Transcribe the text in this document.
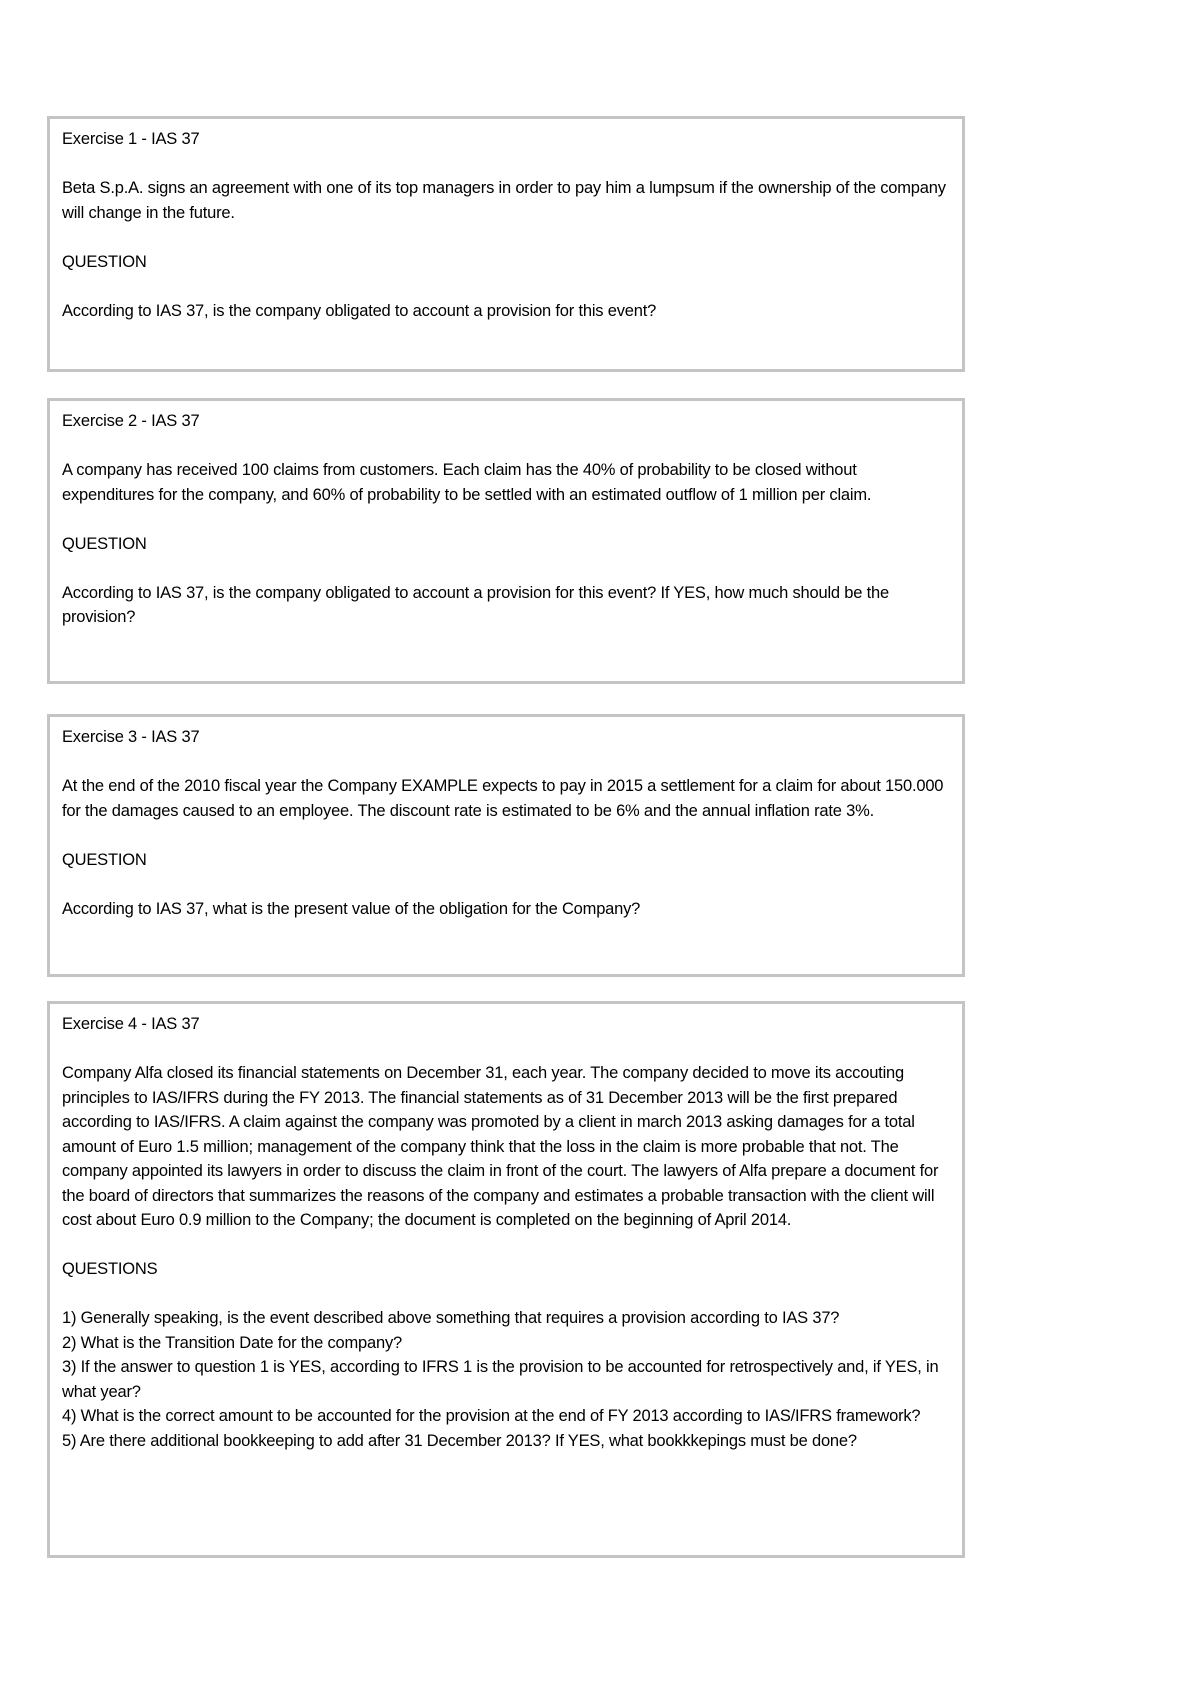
Exercise 1 - IAS 37

Beta S.p.A. signs an agreement with one of its top managers in order to pay him a lumpsum if the ownership of the company will change in the future.

QUESTION

According to IAS 37, is the company obligated to account a provision for this event?

Exercise 2 - IAS 37

A company has received 100 claims from customers. Each claim has the 40% of probability to be closed without expenditures for the company, and 60% of probability to be settled with an estimated outflow of 1 million per claim.

QUESTION

According to IAS 37, is the company obligated to account a provision for this event? If YES, how much should be the provision?

Exercise 3 - IAS 37

At the end of the 2010 fiscal year the Company EXAMPLE expects to pay in 2015 a settlement for a claim for about 150.000 for the damages caused to an employee. The discount rate is estimated to be 6% and the annual inflation rate 3%.

QUESTION

According to IAS 37, what is the present value of the obligation for the Company?

Exercise 4 - IAS 37

Company Alfa closed its financial statements on December 31, each year. The company decided to move its accouting principles to IAS/IFRS during the FY 2013. The financial statements as of 31 December 2013 will be the first prepared according to IAS/IFRS. A claim against the company was promoted by a client in march 2013 asking damages for a total amount of Euro 1.5 million; management of the company think that the loss in the claim is more probable that not. The company appointed its lawyers in order to discuss the claim in front of the court. The lawyers of Alfa prepare a document for the board of directors that summarizes the reasons of the company and estimates a probable transaction with the client will cost about Euro 0.9 million to the Company; the document is completed on the beginning of April 2014.

QUESTIONS

1) Generally speaking, is the event described above something that requires a provision according to IAS 37?
2) What is the Transition Date for the company?
3) If the answer to question 1 is YES, according to IFRS 1 is the provision to be accounted for retrospectively and, if YES, in what year?
4) What is the correct amount to be accounted for the provision at the end of FY 2013 according to IAS/IFRS framework?
5) Are there additional bookkeeping to add after 31 December 2013? If YES, what bookkkepings must be done?
